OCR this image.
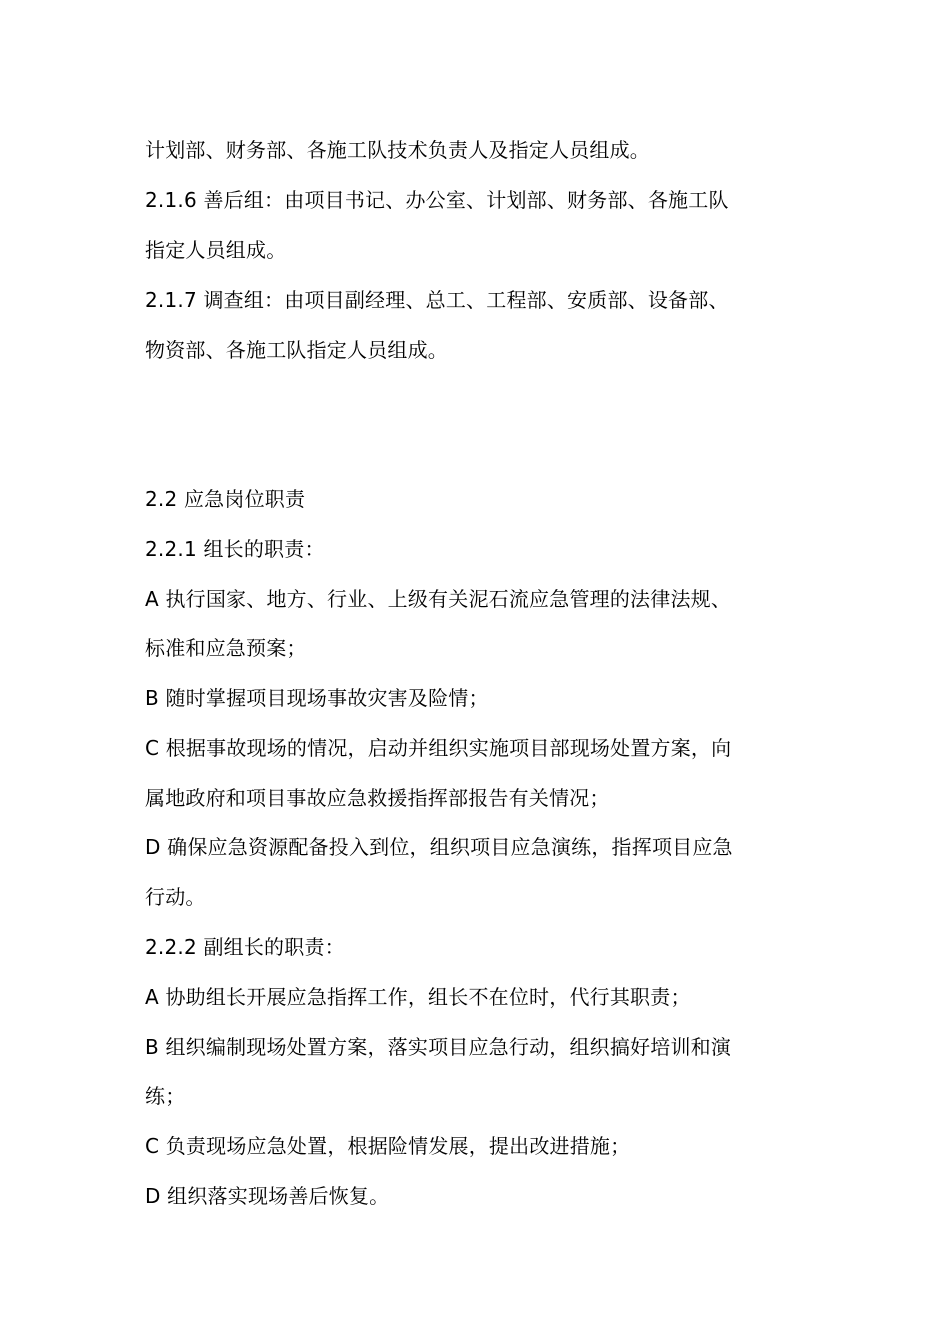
计划部、财务部、各施工队技术负责人及指定人员组成。
2.1.6 善后组：由项目书记、办公室、计划部、财务部、各施工队
指定人员组成。
2.1.7 调查组：由项目副经理、总工、工程部、安质部、设备部、
物资部、各施工队指定人员组成。
2.2 应急岗位职责
2.2.1 组长的职责：
A 执行国家、地方、行业、上级有关泥石流应急管理的法律法规、
标准和应急预案；
B 随时掌握项目现场事故灾害及险情；
C 根据事故现场的情况，启动并组织实施项目部现场处置方案，向
属地政府和项目事故应急救援指挥部报告有关情况；
D 确保应急资源配备投入到位，组织项目应急演练，指挥项目应急
行动。
2.2.2 副组长的职责：
A 协助组长开展应急指挥工作，组长不在位时，代行其职责；
B 组织编制现场处置方案，落实项目应急行动，组织搞好培训和演
练；
C 负责现场应急处置，根据险情发展，提出改进措施；
D 组织落实现场善后恢复。
